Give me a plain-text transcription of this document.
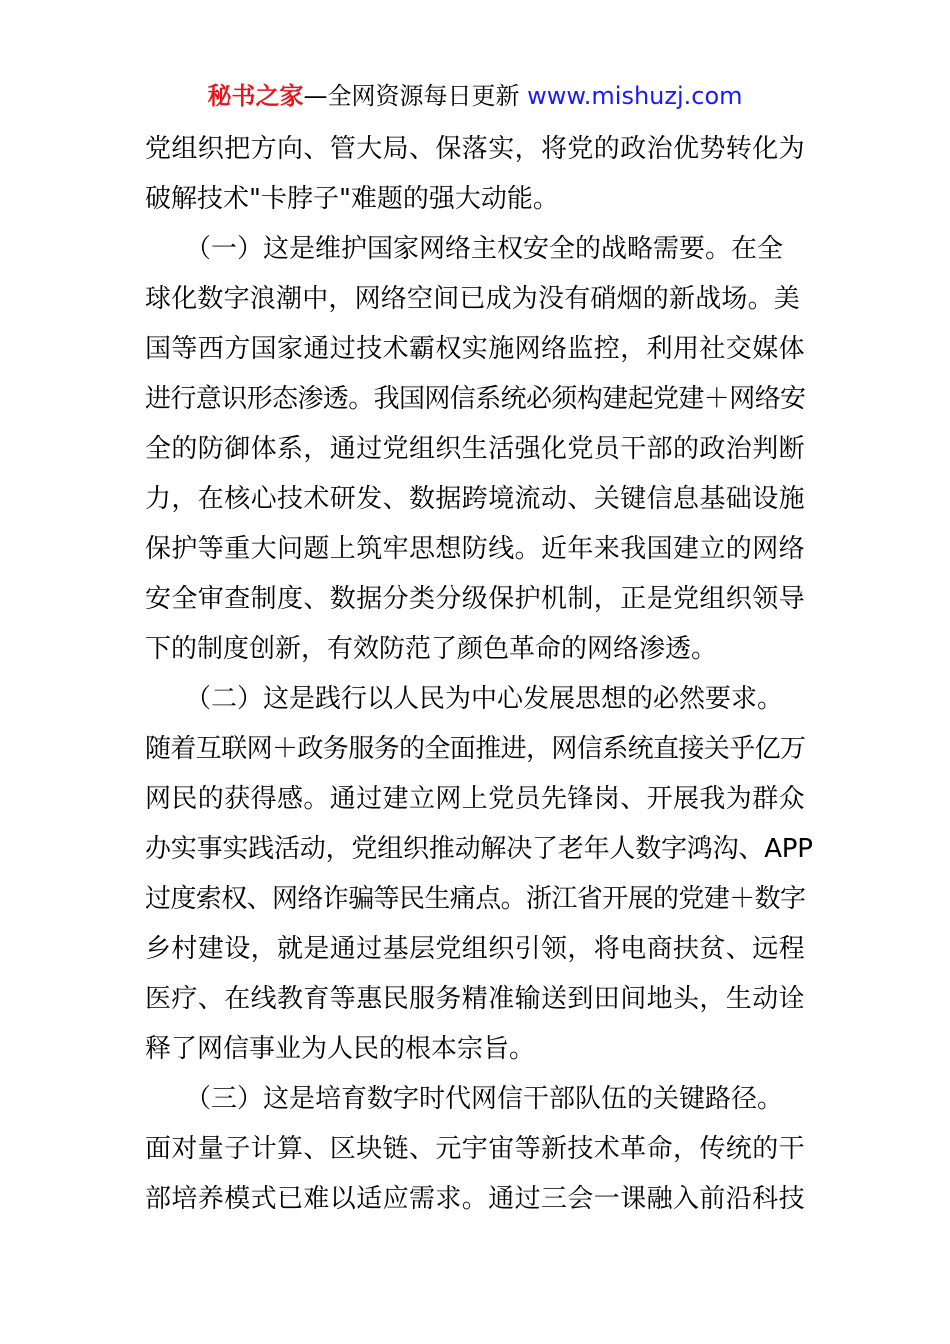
秘书之家—全网资源每日更新 www.mishuzj.com
党组织把方向、管大局、保落实，将党的政治优势转化为
破解技术"卡脖子"难题的强大动能。
（一）这是维护国家网络主权安全的战略需要。在全
球化数字浪潮中，网络空间已成为没有硝烟的新战场。美
国等西方国家通过技术霸权实施网络监控，利用社交媒体
进行意识形态渗透。我国网信系统必须构建起党建＋网络安
全的防御体系，通过党组织生活强化党员干部的政治判断
力，在核心技术研发、数据跨境流动、关键信息基础设施
保护等重大问题上筑牢思想防线。近年来我国建立的网络
安全审查制度、数据分类分级保护机制，正是党组织领导
下的制度创新，有效防范了颜色革命的网络渗透。
（二）这是践行以人民为中心发展思想的必然要求。
随着互联网＋政务服务的全面推进，网信系统直接关乎亿万
网民的获得感。通过建立网上党员先锋岗、开展我为群众
办实事实践活动，党组织推动解决了老年人数字鸿沟、APP
过度索权、网络诈骗等民生痛点。浙江省开展的党建＋数字
乡村建设，就是通过基层党组织引领，将电商扶贫、远程
医疗、在线教育等惠民服务精准输送到田间地头，生动诠
释了网信事业为人民的根本宗旨。
（三）这是培育数字时代网信干部队伍的关键路径。
面对量子计算、区块链、元宇宙等新技术革命，传统的干
部培养模式已难以适应需求。通过三会一课融入前沿科技
